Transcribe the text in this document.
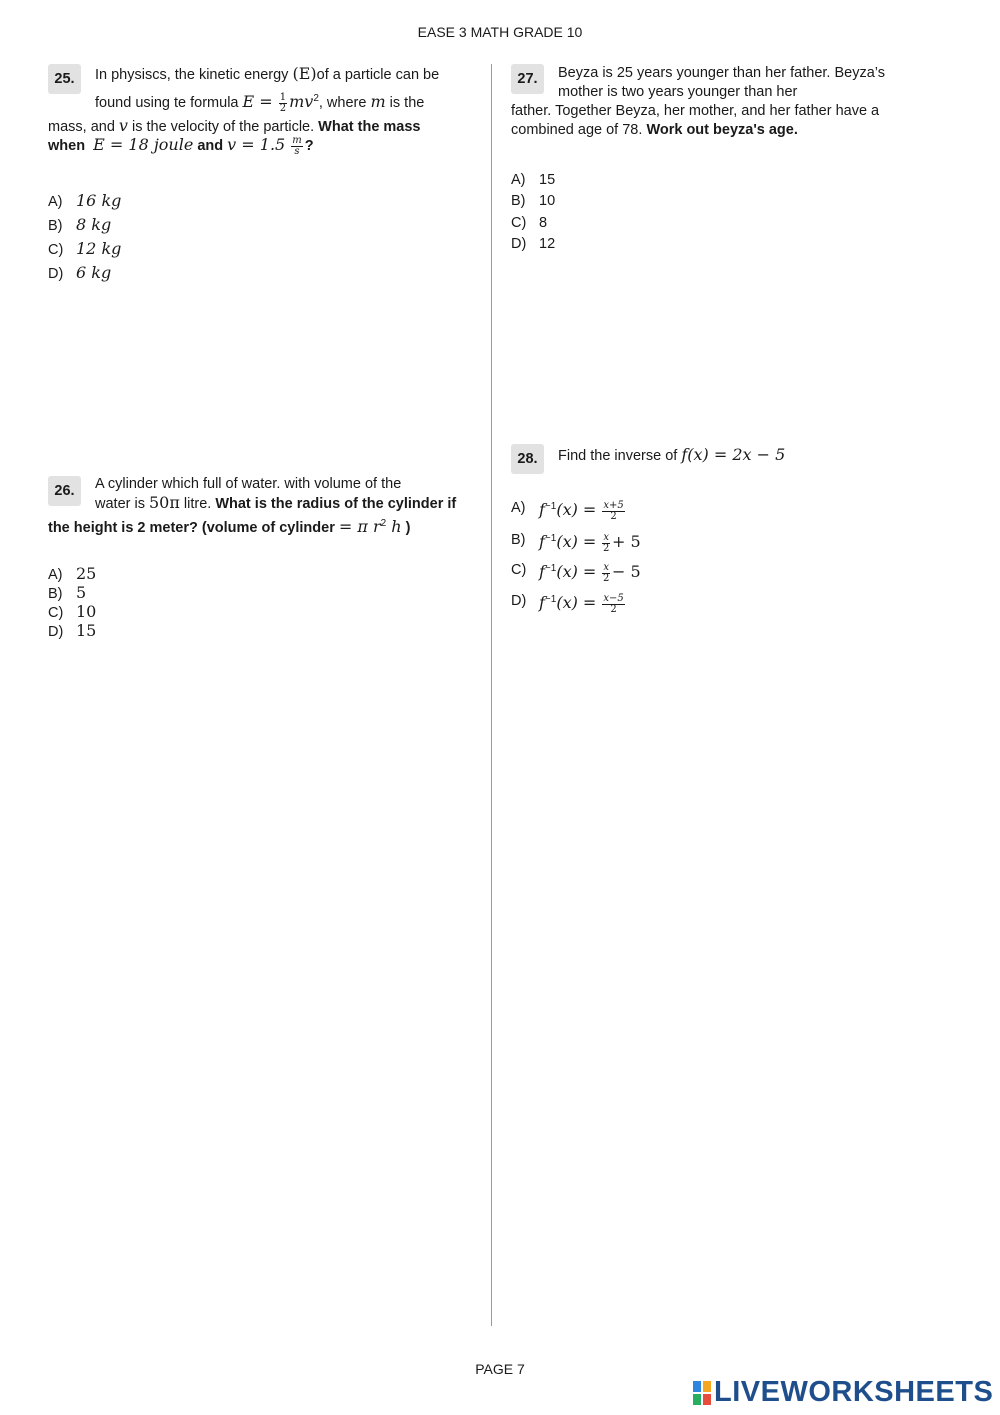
EASE 3 MATH GRADE 10
25.	In physiscs, the kinetic energy (E)of a particle can be
found using te formula $E = \frac{1}{2} mv^2$, where m is the
mass, and v is the velocity of the particle. What the mass
when E = 18 joule and $v = 1.5 \frac{m}{s}$ ?
A) 16 kg
B) 8 kg
C) 12 kg
D) 6 kg
26.	A cylinder which full of water. with volume of the
water is 50π litre. What is the radius of the cylinder if
the height is 2 meter? (volume of cylinder = π $r^2$ h )
A) 25
B) 5
C) 10
D) 15
27.	Beyza is 25 years younger than her father. Beyza’s
mother is two years younger than her
father. Together Beyza, her mother, and her father have a
combined age of 78. Work out beyza's age.
A) 15
B) 10
C) 8
D) 12
28.	Find the inverse of f(x) = 2x − 5
A) $f^{-1}(x) = \frac{x+5}{2}$
B) $f^{-1}(x) = \frac{x}{2} + 5$
C) $f^{-1}(x) = \frac{x}{2} - 5$
D) $f^{-1}(x) = \frac{x-5}{2}$
PAGE 7
LIVEWORKSHEETS
